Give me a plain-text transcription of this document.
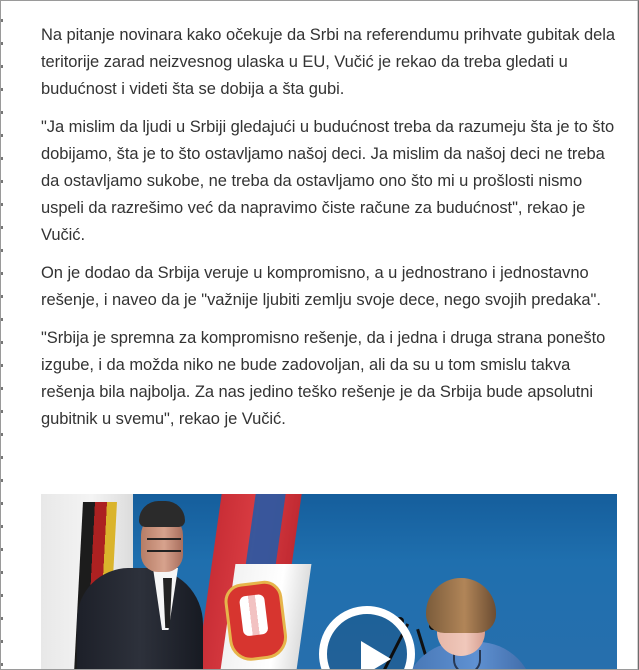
Na pitanje novinara kako očekuje da Srbi na referendumu prihvate gubitak dela teritorije zarad neizvesnog ulaska u EU, Vučić je rekao da treba gledati u budućnost i videti šta se dobija a šta gubi.

"Ja mislim da ljudi u Srbiji gledajući u budućnost treba da razumeju šta je to što dobijamo, šta je to što ostavljamo našoj deci. Ja mislim da našoj deci ne treba da ostavljamo sukobe, ne treba da ostavljamo ono što mi u prošlosti nismo uspeli da razrešimo već da napravimo čiste račune za budućnost", rekao je Vučić.

On je dodao da Srbija veruje u kompromisno, a u jednostrano i jednostavno rešenje, i naveo da je "važnije ljubiti zemlju svoje dece, nego svojih predaka".

"Srbija je spremna za kompromisno rešenje, da i jedna i druga strana ponešto izgube, i da možda niko ne bude zadovoljan, ali da su u tom smislu takva rešenja bila najbolja. Za nas jedino teško rešenje je da Srbija bude apsolutni gubitnik u svemu", rekao je Vučić.
